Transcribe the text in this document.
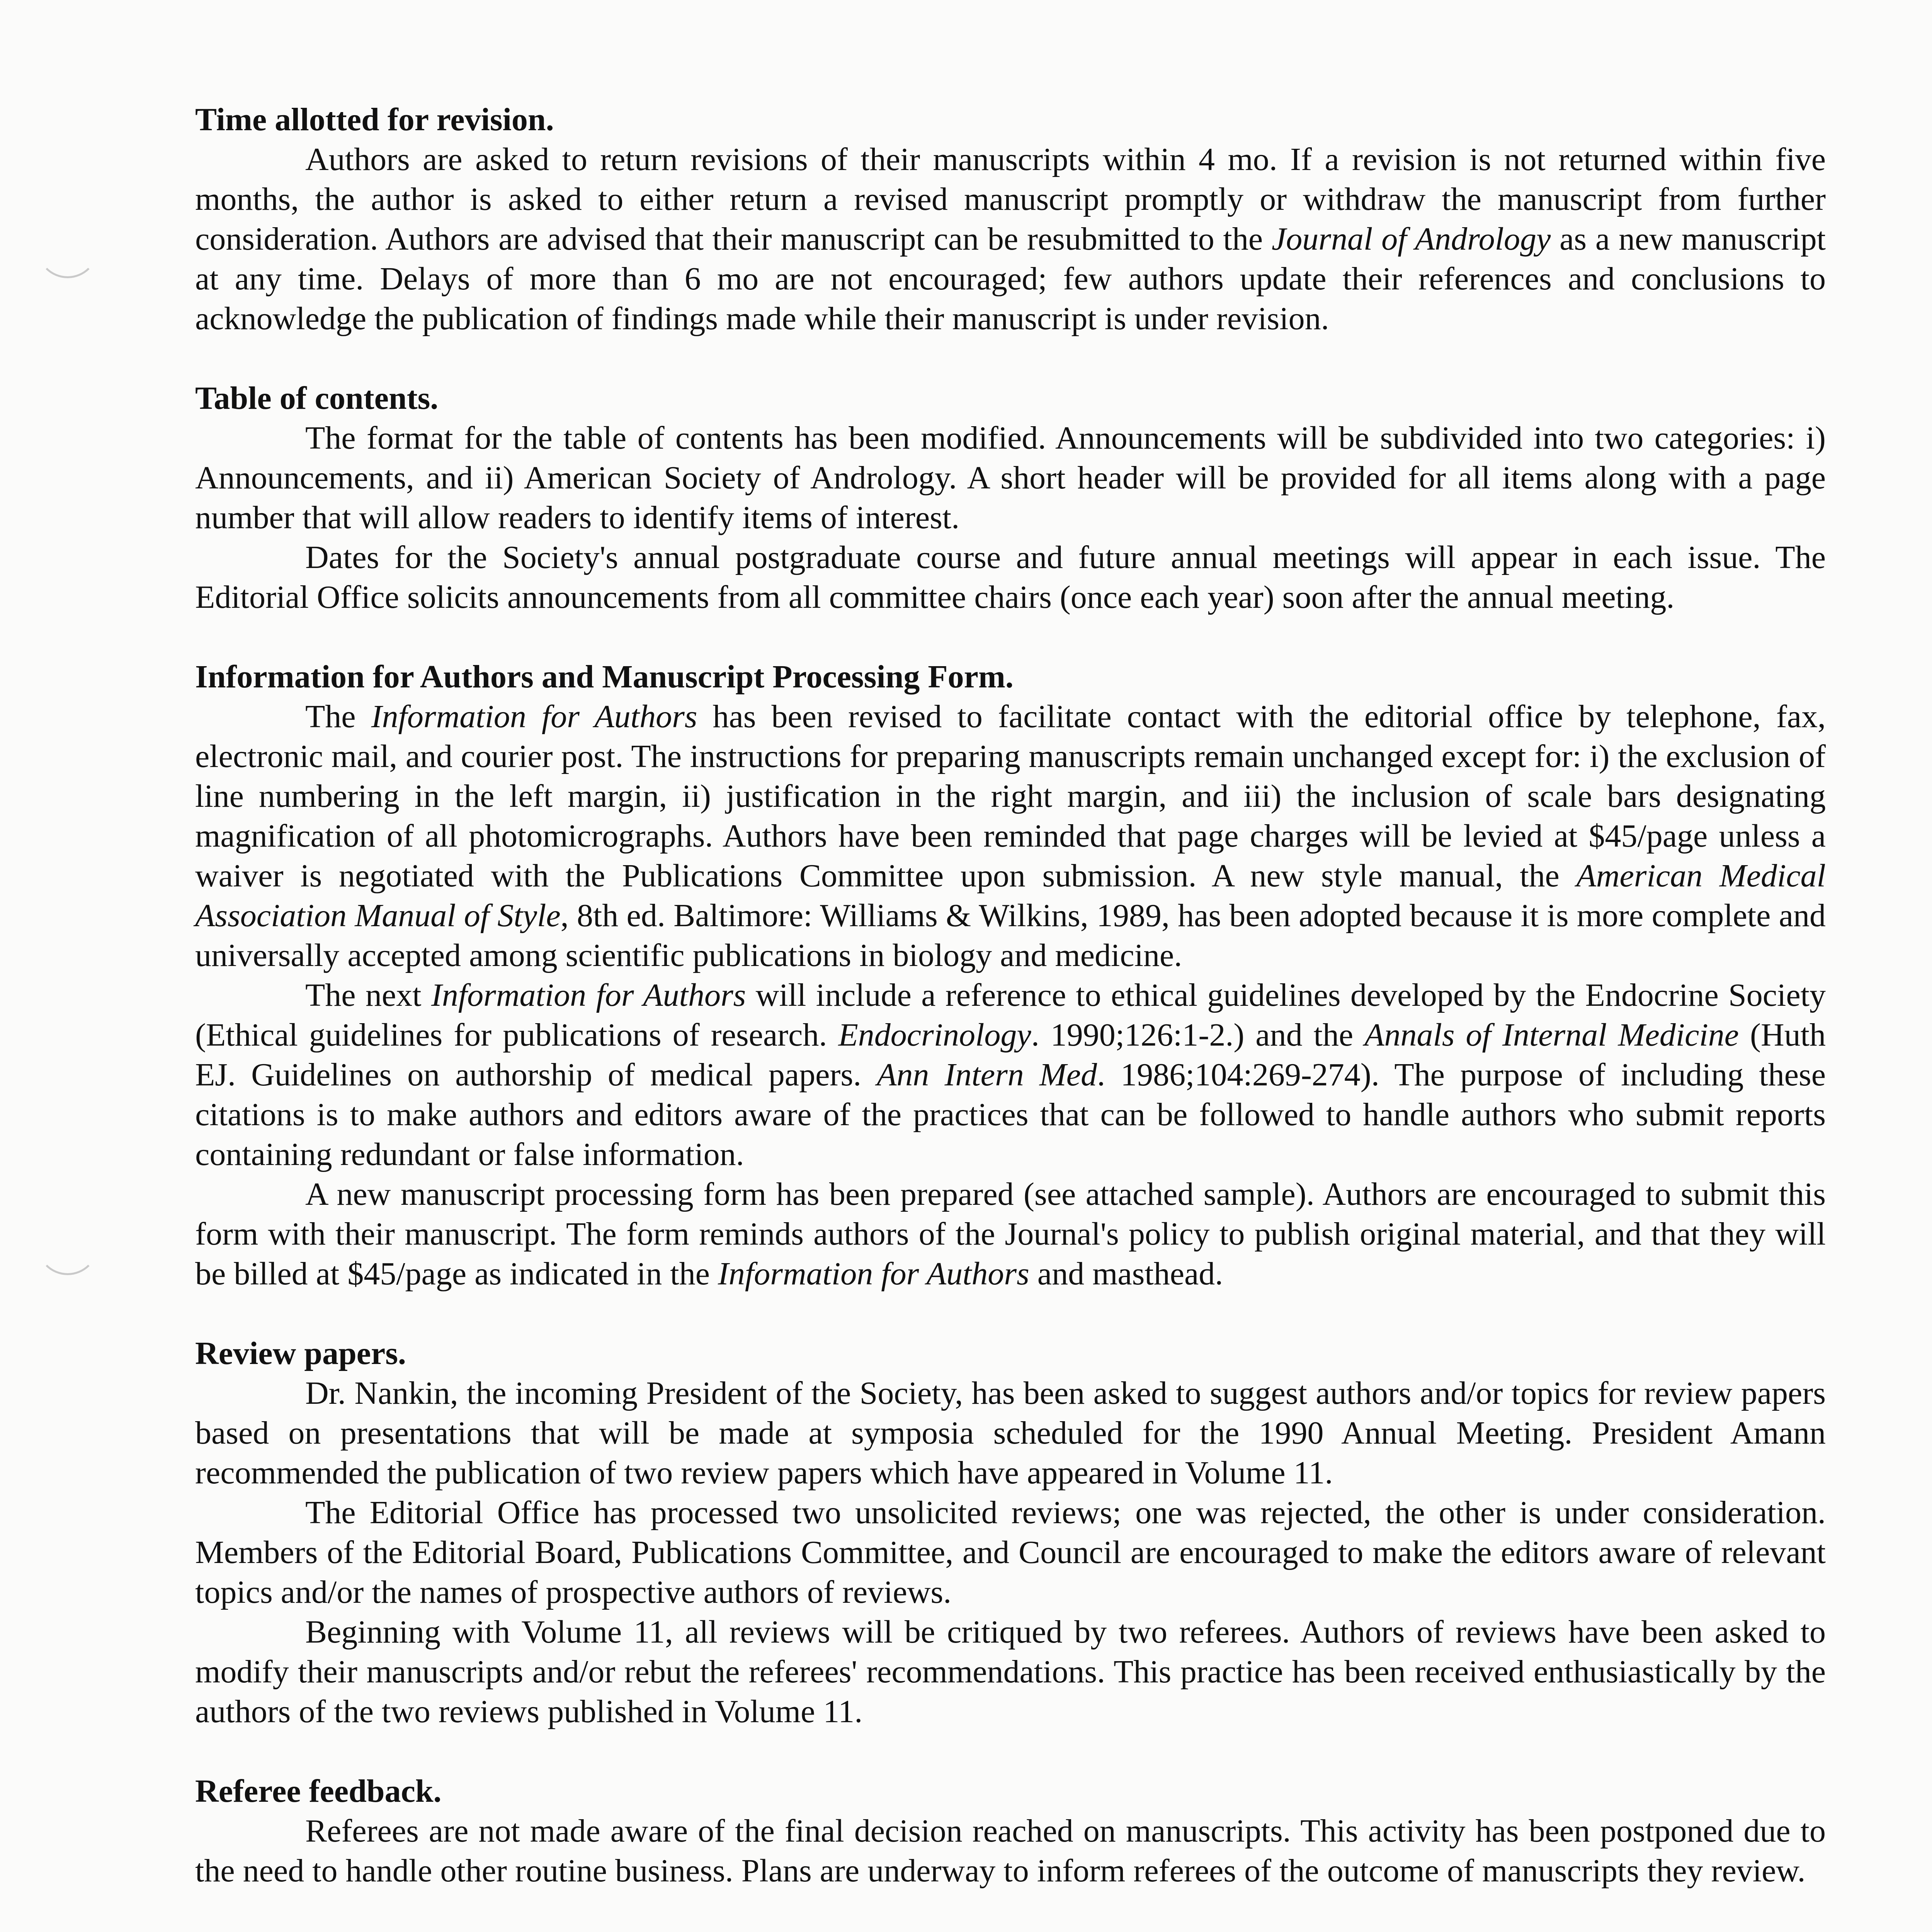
Time allotted for revision.

Authors are asked to return revisions of their manuscripts within 4 mo. If a revision is not returned within five months, the author is asked to either return a revised manuscript promptly or withdraw the manuscript from further consideration. Authors are advised that their manuscript can be resubmitted to the Journal of Andrology as a new manuscript at any time. Delays of more than 6 mo are not encouraged; few authors update their references and conclusions to acknowledge the publication of findings made while their manuscript is under revision.

Table of contents.

The format for the table of contents has been modified. Announcements will be subdivided into two categories: i) Announcements, and ii) American Society of Andrology. A short header will be provided for all items along with a page number that will allow readers to identify items of interest.

Dates for the Society's annual postgraduate course and future annual meetings will appear in each issue. The Editorial Office solicits announcements from all committee chairs (once each year) soon after the annual meeting.

Information for Authors and Manuscript Processing Form.

The Information for Authors has been revised to facilitate contact with the editorial office by telephone, fax, electronic mail, and courier post. The instructions for preparing manuscripts remain unchanged except for: i) the exclusion of line numbering in the left margin, ii) justification in the right margin, and iii) the inclusion of scale bars designating magnification of all photomicrographs. Authors have been reminded that page charges will be levied at $45/page unless a waiver is negotiated with the Publications Committee upon submission. A new style manual, the American Medical Association Manual of Style, 8th ed. Baltimore: Williams & Wilkins, 1989, has been adopted because it is more complete and universally accepted among scientific publications in biology and medicine.

The next Information for Authors will include a reference to ethical guidelines developed by the Endocrine Society (Ethical guidelines for publications of research. Endocrinology. 1990;126:1-2.) and the Annals of Internal Medicine (Huth EJ. Guidelines on authorship of medical papers. Ann Intern Med. 1986;104:269-274). The purpose of including these citations is to make authors and editors aware of the practices that can be followed to handle authors who submit reports containing redundant or false information.

A new manuscript processing form has been prepared (see attached sample). Authors are encouraged to submit this form with their manuscript. The form reminds authors of the Journal's policy to publish original material, and that they will be billed at $45/page as indicated in the Information for Authors and masthead.

Review papers.

Dr. Nankin, the incoming President of the Society, has been asked to suggest authors and/or topics for review papers based on presentations that will be made at symposia scheduled for the 1990 Annual Meeting. President Amann recommended the publication of two review papers which have appeared in Volume 11.

The Editorial Office has processed two unsolicited reviews; one was rejected, the other is under consideration. Members of the Editorial Board, Publications Committee, and Council are encouraged to make the editors aware of relevant topics and/or the names of prospective authors of reviews.

Beginning with Volume 11, all reviews will be critiqued by two referees. Authors of reviews have been asked to modify their manuscripts and/or rebut the referees' recommendations. This practice has been received enthusiastically by the authors of the two reviews published in Volume 11.

Referee feedback.

Referees are not made aware of the final decision reached on manuscripts. This activity has been postponed due to the need to handle other routine business. Plans are underway to inform referees of the outcome of manuscripts they review.
